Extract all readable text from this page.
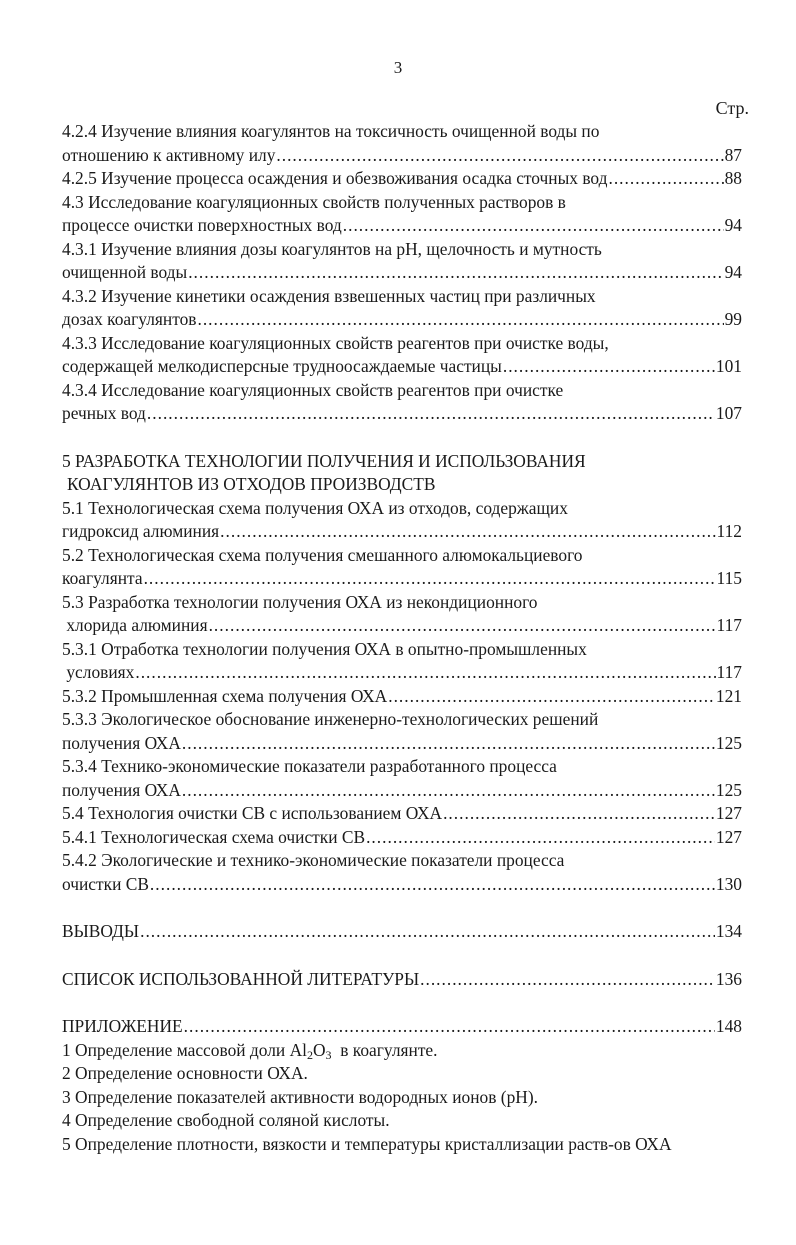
3
Стр.
4.2.4 Изучение влияния коагулянтов на токсичность очищенной воды по
отношению к активному илу .....	87
4.2.5 Изучение процесса осаждения и обезвоживания осадка сточных вод .....	88
4.3 Исследование коагуляционных свойств полученных растворов в
процессе очистки поверхностных вод .....	94
4.3.1 Изучение влияния дозы коагулянтов на рН, щелочность и мутность
очищенной воды .....	94
4.3.2 Изучение кинетики осаждения взвешенных частиц при различных
дозах коагулянтов .....	99
4.3.3 Исследование коагуляционных свойств реагентов при очистке воды,
содержащей мелкодисперсные трудноосаждаемые частицы .....	101
4.3.4 Исследование коагуляционных свойств реагентов при очистке
речных вод .....	107
5 РАЗРАБОТКА ТЕХНОЛОГИИ ПОЛУЧЕНИЯ И ИСПОЛЬЗОВАНИЯ
КОАГУЛЯНТОВ ИЗ ОТХОДОВ ПРОИЗВОДСТВ
5.1 Технологическая схема получения ОХА из отходов, содержащих
гидроксид алюминия .....	112
5.2 Технологическая схема получения смешанного алюмокальциевого
коагулянта .....	115
5.3 Разработка технологии получения ОХА из некондиционного
хлорида алюминия .....	117
5.3.1 Отработка технологии получения ОХА в опытно-промышленных
условиях .....	117
5.3.2 Промышленная схема получения ОХА .....	121
5.3.3 Экологическое обоснование инженерно-технологических решений
получения ОХА .....	125
5.3.4 Технико-экономические показатели разработанного процесса
получения ОХА .....	125
5.4 Технология очистки СВ с использованием ОХА .....	127
5.4.1 Технологическая схема очистки СВ .....	127
5.4.2 Экологические и технико-экономические показатели процесса
очистки СВ .....	130
ВЫВОДЫ .....	134
СПИСОК ИСПОЛЬЗОВАННОЙ ЛИТЕРАТУРЫ .....	136
ПРИЛОЖЕНИЕ .....	148
1 Определение массовой доли $Al_2O_3$  в коагулянте.
2 Определение основности ОХА.
3 Определение показателей активности водородных ионов (рН).
4 Определение свободной соляной кислоты.
5 Определение плотности, вязкости и температуры кристаллизации раств-ов ОХА
